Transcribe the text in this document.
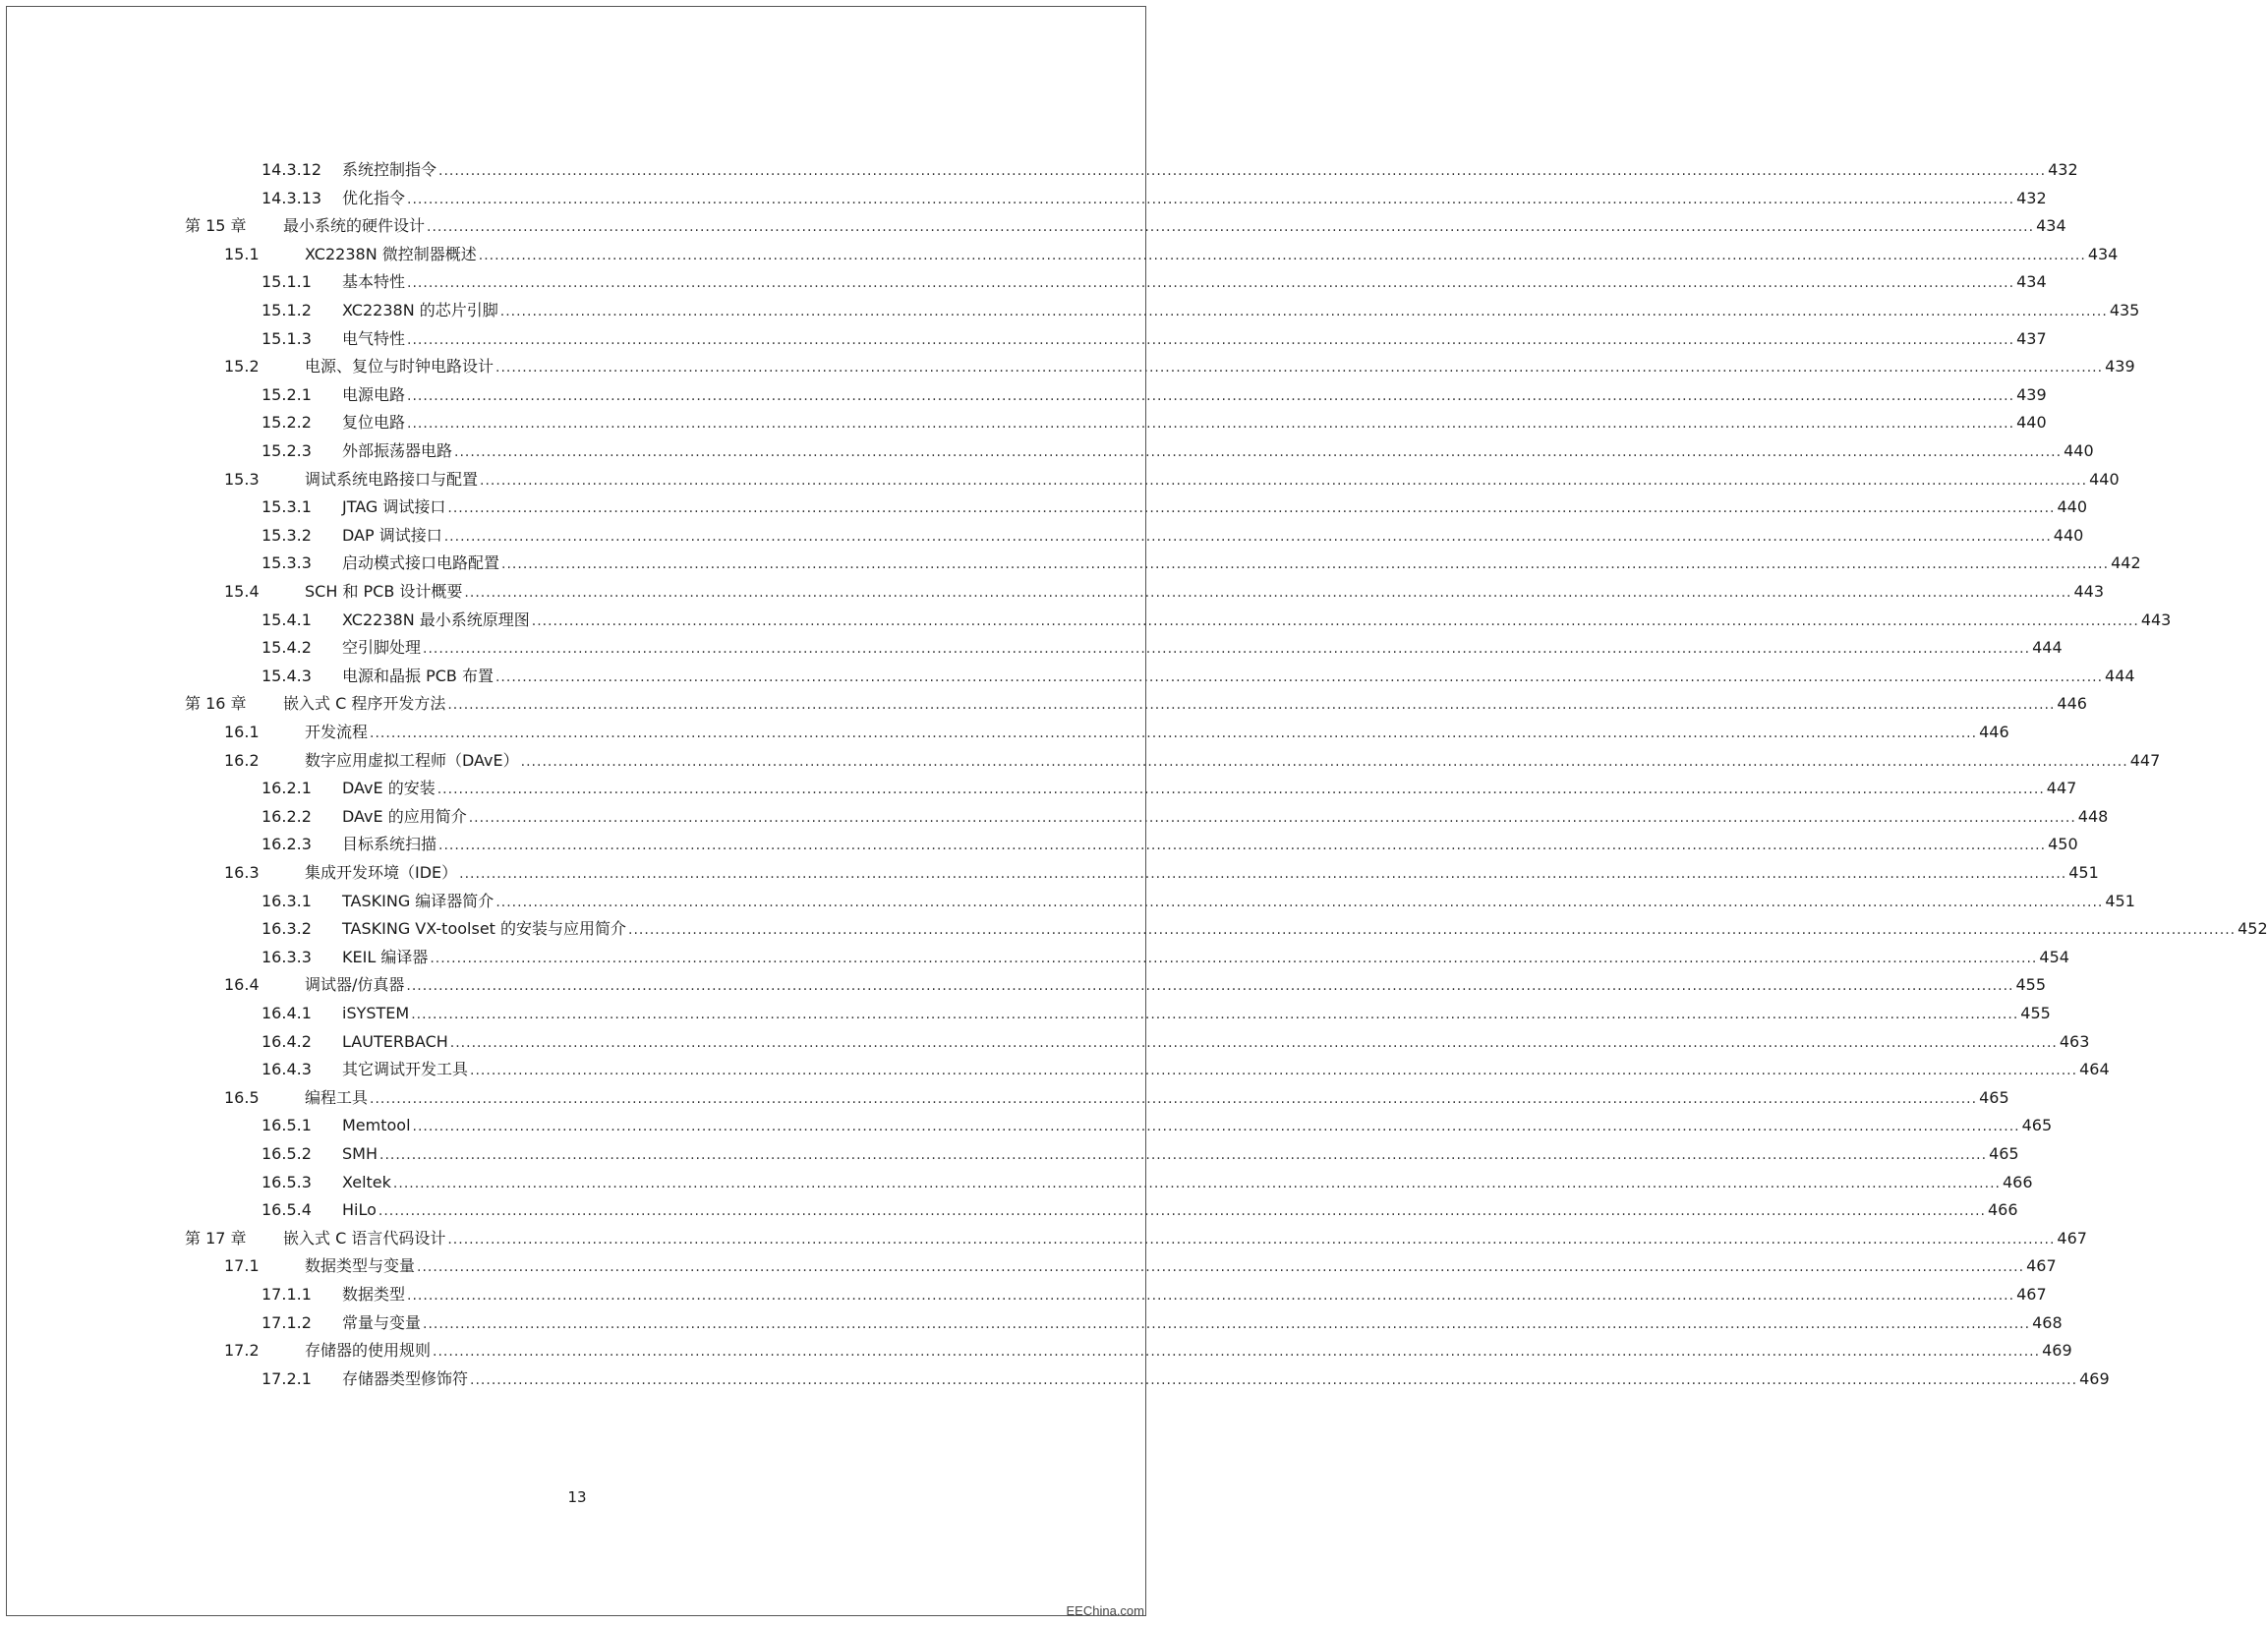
14.3.12	系统控制指令 ............................................................................................................................................................................................................................................................................................................ 432
14.3.13	优化指令 ............................................................................................................................................................................................................................................................................................................ 432
第 15 章	最小系统的硬件设计 ............................................................................................................................................................................................................................................................................................................ 434
15.1	XC2238N 微控制器概述 ............................................................................................................................................................................................................................................................................................................ 434
15.1.1	基本特性 ............................................................................................................................................................................................................................................................................................................ 434
15.1.2	XC2238N 的芯片引脚 ............................................................................................................................................................................................................................................................................................................ 435
15.1.3	电气特性 ............................................................................................................................................................................................................................................................................................................ 437
15.2	电源、复位与时钟电路设计 ............................................................................................................................................................................................................................................................................................................ 439
15.2.1	电源电路 ............................................................................................................................................................................................................................................................................................................ 439
15.2.2	复位电路 ............................................................................................................................................................................................................................................................................................................ 440
15.2.3	外部振荡器电路 ............................................................................................................................................................................................................................................................................................................ 440
15.3	调试系统电路接口与配置 ............................................................................................................................................................................................................................................................................................................ 440
15.3.1	JTAG 调试接口 ............................................................................................................................................................................................................................................................................................................ 440
15.3.2	DAP 调试接口 ............................................................................................................................................................................................................................................................................................................ 440
15.3.3	启动模式接口电路配置 ............................................................................................................................................................................................................................................................................................................ 442
15.4	SCH 和 PCB 设计概要 ............................................................................................................................................................................................................................................................................................................ 443
15.4.1	XC2238N 最小系统原理图 ............................................................................................................................................................................................................................................................................................................ 443
15.4.2	空引脚处理 ............................................................................................................................................................................................................................................................................................................ 444
15.4.3	电源和晶振 PCB 布置 ............................................................................................................................................................................................................................................................................................................ 444
第 16 章	嵌入式 C 程序开发方法 ............................................................................................................................................................................................................................................................................................................ 446
16.1	开发流程 ............................................................................................................................................................................................................................................................................................................ 446
16.2	数字应用虚拟工程师（DAvE） ............................................................................................................................................................................................................................................................................................................ 447
16.2.1	DAvE 的安装 ............................................................................................................................................................................................................................................................................................................ 447
16.2.2	DAvE 的应用简介 ............................................................................................................................................................................................................................................................................................................ 448
16.2.3	目标系统扫描 ............................................................................................................................................................................................................................................................................................................ 450
16.3	集成开发环境（IDE） ............................................................................................................................................................................................................................................................................................................ 451
16.3.1	TASKING 编译器简介 ............................................................................................................................................................................................................................................................................................................ 451
16.3.2	TASKING VX-toolset 的安装与应用简介 ............................................................................................................................................................................................................................................................................................................ 452
16.3.3	KEIL 编译器 ............................................................................................................................................................................................................................................................................................................ 454
16.4	调试器/仿真器 ............................................................................................................................................................................................................................................................................................................ 455
16.4.1	iSYSTEM ............................................................................................................................................................................................................................................................................................................ 455
16.4.2	LAUTERBACH ............................................................................................................................................................................................................................................................................................................ 463
16.4.3	其它调试开发工具 ............................................................................................................................................................................................................................................................................................................ 464
16.5	编程工具 ............................................................................................................................................................................................................................................................................................................ 465
16.5.1	Memtool ............................................................................................................................................................................................................................................................................................................ 465
16.5.2	SMH ............................................................................................................................................................................................................................................................................................................ 465
16.5.3	Xeltek ............................................................................................................................................................................................................................................................................................................ 466
16.5.4	HiLo ............................................................................................................................................................................................................................................................................................................ 466
第 17 章	嵌入式 C 语言代码设计 ............................................................................................................................................................................................................................................................................................................ 467
17.1	数据类型与变量 ............................................................................................................................................................................................................................................................................................................ 467
17.1.1	数据类型 ............................................................................................................................................................................................................................................................................................................ 467
17.1.2	常量与变量 ............................................................................................................................................................................................................................................................................................................ 468
17.2	存储器的使用规则 ............................................................................................................................................................................................................................................................................................................ 469
17.2.1	存储器类型修饰符 ............................................................................................................................................................................................................................................................................................................ 469
13
EEChina.com
